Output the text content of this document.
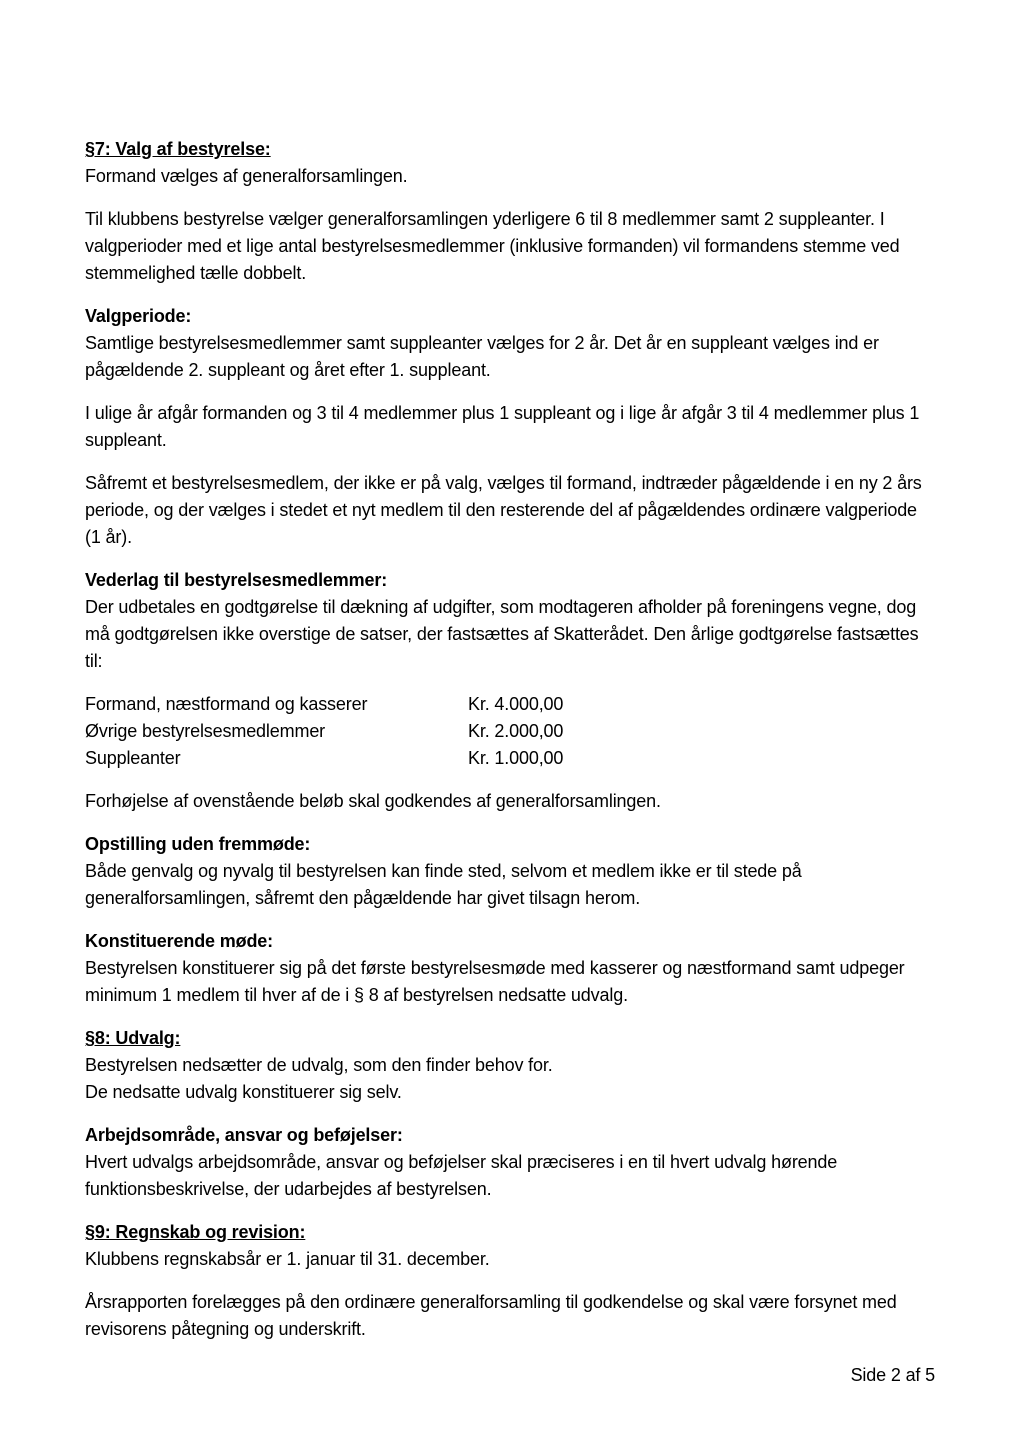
§7: Valg af bestyrelse:
Formand vælges af generalforsamlingen.
Til klubbens bestyrelse vælger generalforsamlingen yderligere 6 til 8 medlemmer samt 2 suppleanter. I
valgperioder med et lige antal bestyrelsesmedlemmer (inklusive formanden) vil formandens stemme ved
stemmelighed tælle dobbelt.
Valgperiode:
Samtlige bestyrelsesmedlemmer samt suppleanter vælges for 2 år. Det år en suppleant vælges ind er
pågældende 2. suppleant og året efter 1. suppleant.
I ulige år afgår formanden og 3 til 4 medlemmer plus 1 suppleant og i lige år afgår 3 til 4 medlemmer plus 1
suppleant.
Såfremt et bestyrelsesmedlem, der ikke er på valg, vælges til formand, indtræder pågældende i en ny 2 års
periode, og der vælges i stedet et nyt medlem til den resterende del af pågældendes ordinære valgperiode
(1 år).
Vederlag til bestyrelsesmedlemmer:
Der udbetales en godtgørelse til dækning af udgifter, som modtageren afholder på foreningens vegne, dog
må godtgørelsen ikke overstige de satser, der fastsættes af Skatterådet. Den årlige godtgørelse fastsættes
til:
Formand, næstformand og kasserer	Kr. 4.000,00
Øvrige bestyrelsesmedlemmer	Kr. 2.000,00
Suppleanter	Kr. 1.000,00
Forhøjelse af ovenstående beløb skal godkendes af generalforsamlingen.
Opstilling uden fremmøde:
Både genvalg og nyvalg til bestyrelsen kan finde sted, selvom et medlem ikke er til stede på
generalforsamlingen, såfremt den pågældende har givet tilsagn herom.
Konstituerende møde:
Bestyrelsen konstituerer sig på det første bestyrelsesmøde med kasserer og næstformand samt udpeger
minimum 1 medlem til hver af de i § 8 af bestyrelsen nedsatte udvalg.
§8: Udvalg:
Bestyrelsen nedsætter de udvalg, som den finder behov for.
De nedsatte udvalg konstituerer sig selv.
Arbejdsområde, ansvar og beføjelser:
Hvert udvalgs arbejdsområde, ansvar og beføjelser skal præciseres i en til hvert udvalg hørende
funktionsbeskrivelse, der udarbejdes af bestyrelsen.
§9: Regnskab og revision:
Klubbens regnskabsår er 1. januar til 31. december.
Årsrapporten forelægges på den ordinære generalforsamling til godkendelse og skal være forsynet med
revisorens påtegning og underskrift.
Side 2 af 5
